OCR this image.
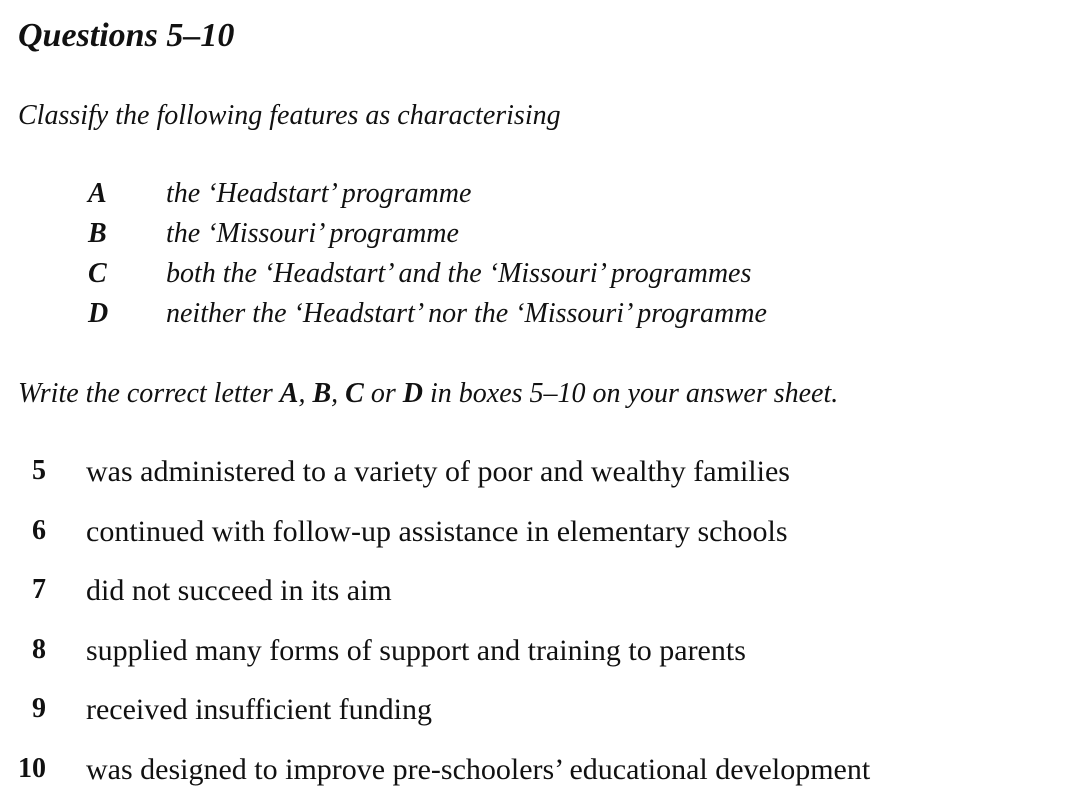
Questions 5–10
Classify the following features as characterising
A the ‘Headstart’ programme
B the ‘Missouri’ programme
C both the ‘Headstart’ and the ‘Missouri’ programmes
D neither the ‘Headstart’ nor the ‘Missouri’ programme
Write the correct letter A, B, C or D in boxes 5–10 on your answer sheet.
5 was administered to a variety of poor and wealthy families
6 continued with follow-up assistance in elementary schools
7 did not succeed in its aim
8 supplied many forms of support and training to parents
9 received insufficient funding
10 was designed to improve pre-schoolers’ educational development
